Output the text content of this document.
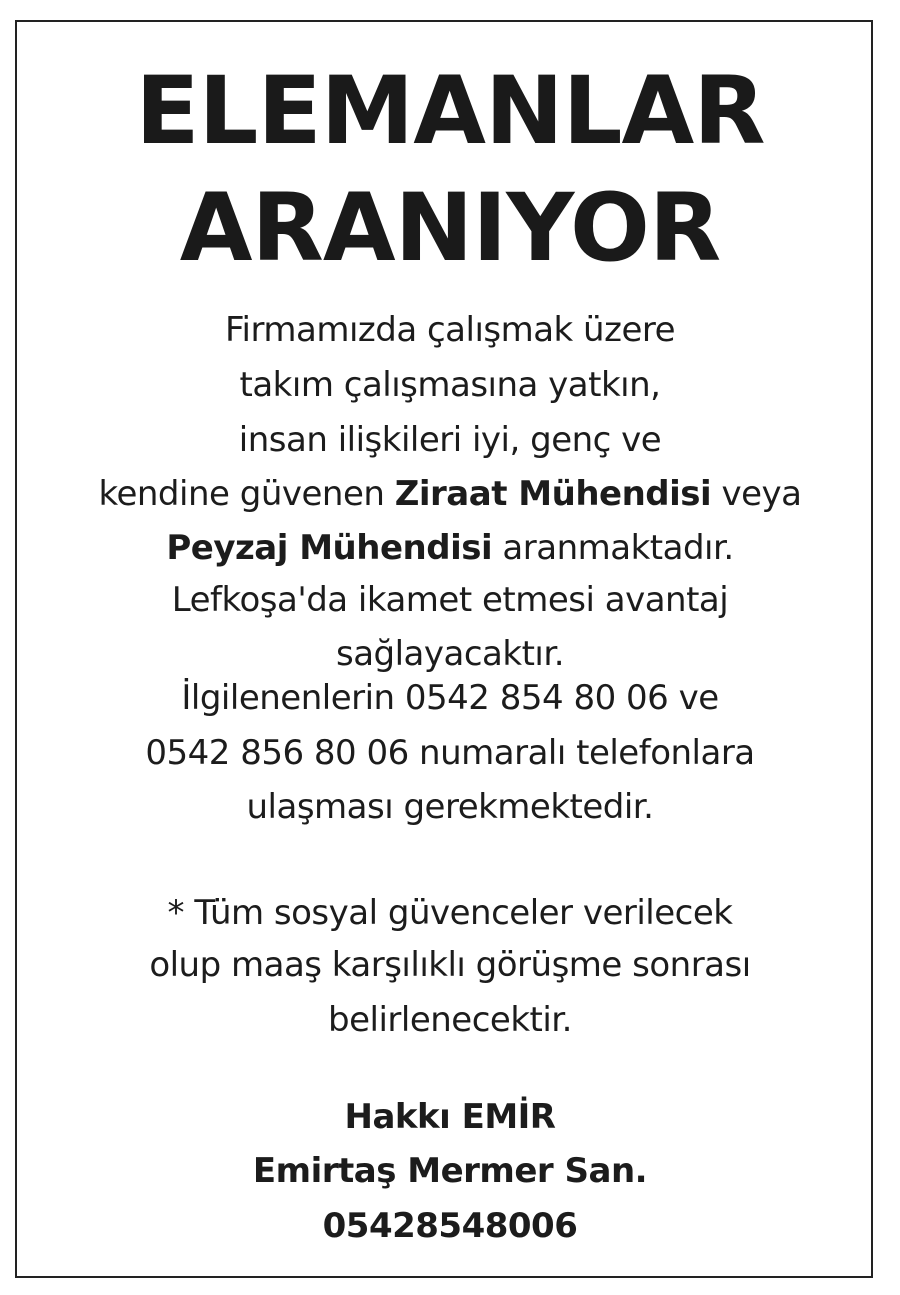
ELEMANLAR
ARANIYOR
Firmamızda çalışmak üzere
takım çalışmasına yatkın,
insan ilişkileri iyi, genç ve
kendine güvenen Ziraat Mühendisi veya
Peyzaj Mühendisi aranmaktadır.
Lefkoşa'da ikamet etmesi avantaj
sağlayacaktır.
İlgilenenlerin 0542 854 80 06 ve
0542 856 80 06 numaralı telefonlara
ulaşması gerekmektedir.
* Tüm sosyal güvenceler verilecek
olup maaş karşılıklı görüşme sonrası
belirlenecektir.
Hakkı EMİR
Emirtaş Mermer San.
05428548006
